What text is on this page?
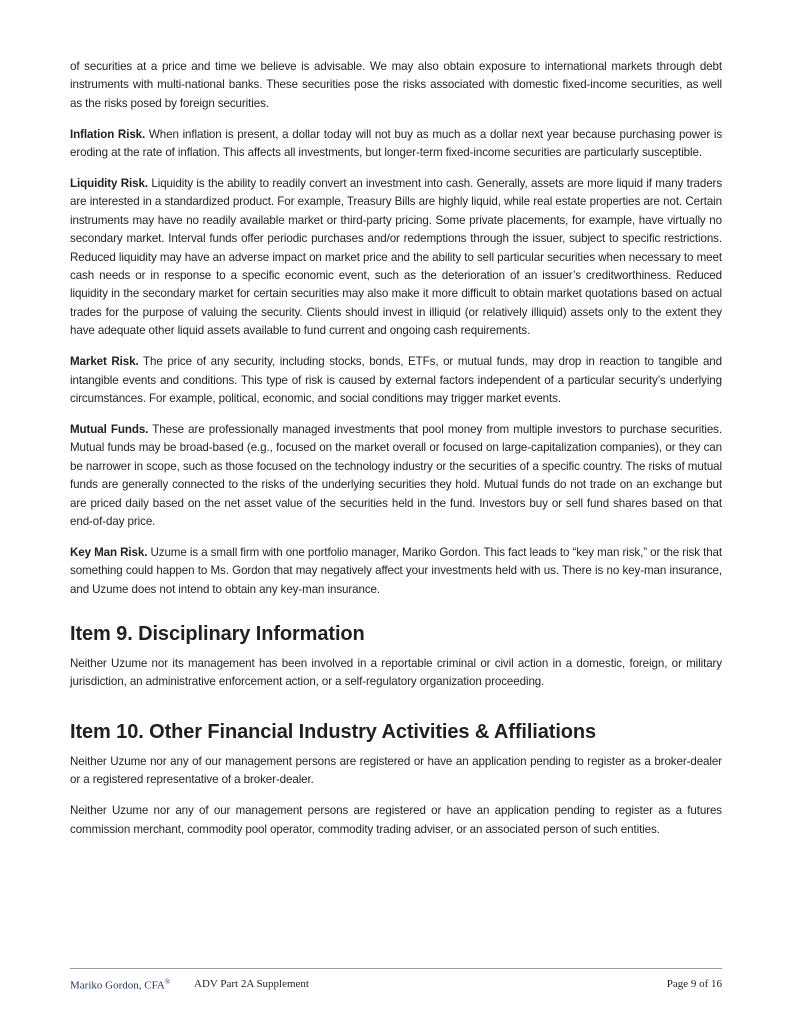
of securities at a price and time we believe is advisable. We may also obtain exposure to international markets through debt instruments with multi-national banks. These securities pose the risks associated with domestic fixed-income securities, as well as the risks posed by foreign securities.

Inflation Risk. When inflation is present, a dollar today will not buy as much as a dollar next year because purchasing power is eroding at the rate of inflation. This affects all investments, but longer-term fixed-income securities are particularly susceptible.

Liquidity Risk. Liquidity is the ability to readily convert an investment into cash. Generally, assets are more liquid if many traders are interested in a standardized product. For example, Treasury Bills are highly liquid, while real estate properties are not. Certain instruments may have no readily available market or third-party pricing. Some private placements, for example, have virtually no secondary market. Interval funds offer periodic purchases and/or redemptions through the issuer, subject to specific restrictions. Reduced liquidity may have an adverse impact on market price and the ability to sell particular securities when necessary to meet cash needs or in response to a specific economic event, such as the deterioration of an issuer’s creditworthiness. Reduced liquidity in the secondary market for certain securities may also make it more difficult to obtain market quotations based on actual trades for the purpose of valuing the security. Clients should invest in illiquid (or relatively illiquid) assets only to the extent they have adequate other liquid assets available to fund current and ongoing cash requirements.

Market Risk. The price of any security, including stocks, bonds, ETFs, or mutual funds, may drop in reaction to tangible and intangible events and conditions. This type of risk is caused by external factors independent of a particular security’s underlying circumstances. For example, political, economic, and social conditions may trigger market events.

Mutual Funds. These are professionally managed investments that pool money from multiple investors to purchase securities. Mutual funds may be broad-based (e.g., focused on the market overall or focused on large-capitalization companies), or they can be narrower in scope, such as those focused on the technology industry or the securities of a specific country. The risks of mutual funds are generally connected to the risks of the underlying securities they hold. Mutual funds do not trade on an exchange but are priced daily based on the net asset value of the securities held in the fund. Investors buy or sell fund shares based on that end-of-day price.

Key Man Risk. Uzume is a small firm with one portfolio manager, Mariko Gordon. This fact leads to “key man risk,” or the risk that something could happen to Ms. Gordon that may negatively affect your investments held with us. There is no key-man insurance, and Uzume does not intend to obtain any key-man insurance.

Item 9. Disciplinary Information

Neither Uzume nor its management has been involved in a reportable criminal or civil action in a domestic, foreign, or military jurisdiction, an administrative enforcement action, or a self-regulatory organization proceeding.

Item 10. Other Financial Industry Activities & Affiliations

Neither Uzume nor any of our management persons are registered or have an application pending to register as a broker-dealer or a registered representative of a broker-dealer.

Neither Uzume nor any of our management persons are registered or have an application pending to register as a futures commission merchant, commodity pool operator, commodity trading adviser, or an associated person of such entities.

Mariko Gordon, CFA® ADV Part 2A Supplement	Page 9 of 16
